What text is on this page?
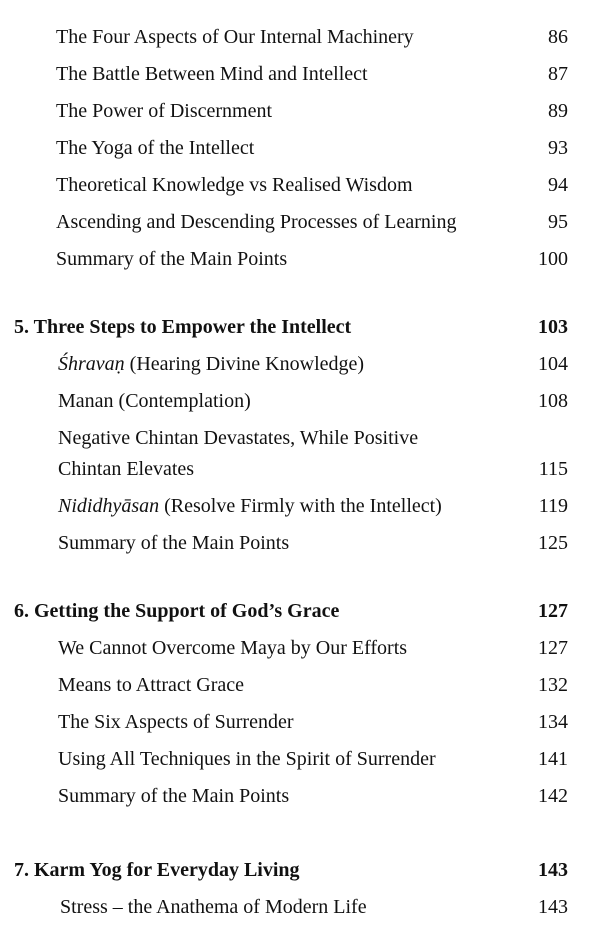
The Four Aspects of Our Internal Machinery	86
The Battle Between Mind and Intellect	87
The Power of Discernment	89
The Yoga of the Intellect	93
Theoretical Knowledge vs Realised Wisdom	94
Ascending and Descending Processes of Learning	95
Summary of the Main Points	100
5. Three Steps to Empower the Intellect	103
Śhravaṇ (Hearing Divine Knowledge)	104
Manan (Contemplation)	108
Negative Chintan Devastates, While Positive
Chintan Elevates	115
Nididhyāsan (Resolve Firmly with the Intellect)	119
Summary of the Main Points	125
6. Getting the Support of God’s Grace	127
We Cannot Overcome Maya by Our Efforts	127
Means to Attract Grace	132
The Six Aspects of Surrender	134
Using All Techniques in the Spirit of Surrender	141
Summary of the Main Points	142
7. Karm Yog for Everyday Living	143
Stress – the Anathema of Modern Life	143
